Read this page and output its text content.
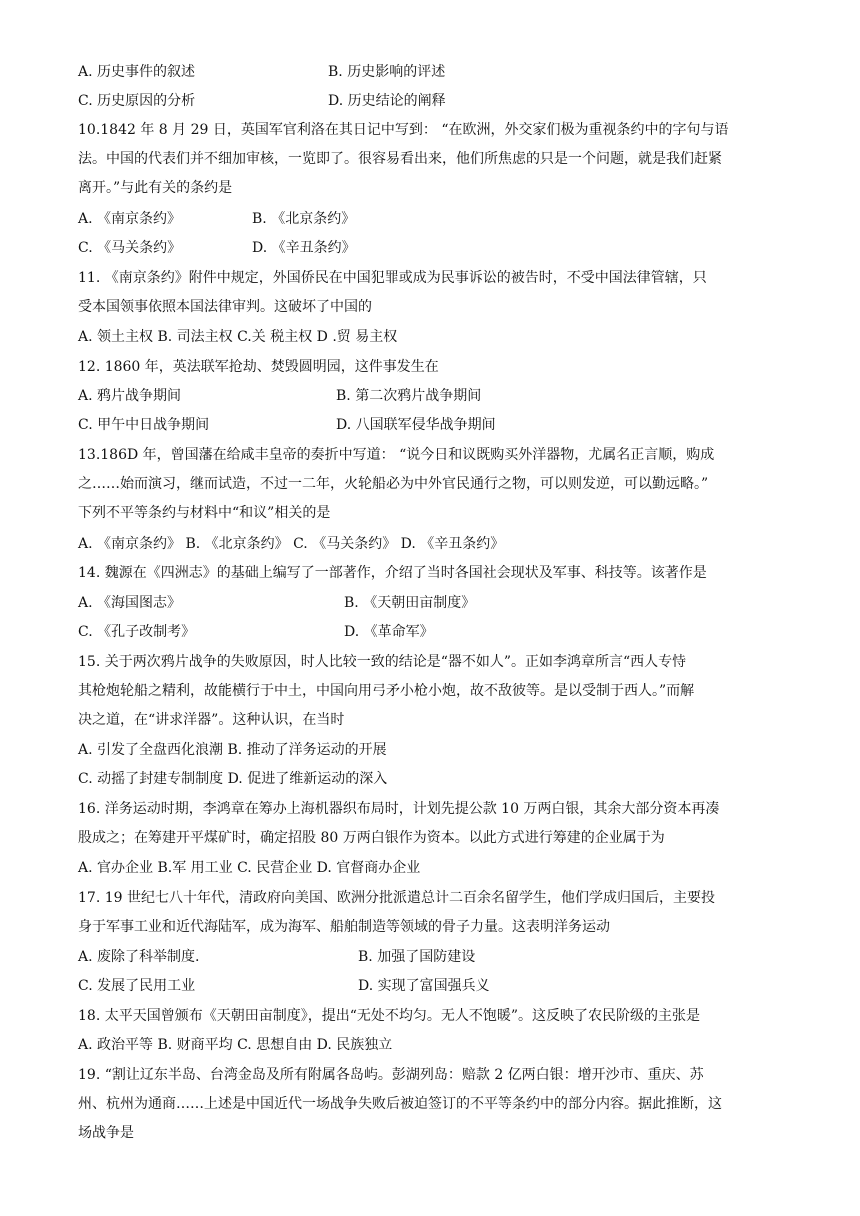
A. 历史事件的叙述	B. 历史影响的评述
C. 历史原因的分析	D. 历史结论的阐释
10.1842 年 8 月 29 日，英国军官利洛在其日记中写到： “在欧洲，外交家们极为重视条约中的字句与语
法。中国的代表们并不细加审核，一览即了。很容易看出来，他们所焦虑的只是一个问题，就是我们赶紧
离开。”与此有关的条约是
A. 《南京条约》	B. 《北京条约》
C. 《马关条约》	D. 《辛丑条约》
11. 《南京条约》附件中规定，外国侨民在中国犯罪或成为民事诉讼的被告时，不受中国法律管辖，只
受本国领事依照本国法律审判。这破坏了中国的
A. 领土主权 B. 司法主权 C.关 税主权 D .贸 易主权
12. 1860 年，英法联军抢劫、焚毁圆明园，这件事发生在
A. 鸦片战争期间	B. 第二次鸦片战争期间
C. 甲午中日战争期间	D. 八国联军侵华战争期间
13.186D 年，曾国藩在给咸丰皇帝的奏折中写道： “说今日和议既购买外洋器物，尤属名正言顺，购成
之……始而演习，继而试造，不过一二年，火轮船必为中外官民通行之物，可以则发逆，可以勤远略。”
下列不平等条约与材料中“和议”相关的是
A. 《南京条约》 B. 《北京条约》 C. 《马关条约》 D. 《辛丑条约》
14. 魏源在《四洲志》的基础上编写了一部著作，介绍了当时各国社会现状及军事、科技等。该著作是
A. 《海国图志》	B. 《天朝田亩制度》
C. 《孔子改制考》	D. 《革命军》
15. 关于两次鸦片战争的失败原因，时人比较一致的结论是“器不如人”。正如李鸿章所言“西人专恃
其枪炮轮船之精利，故能横行于中土，中国向用弓矛小枪小炮，故不敌彼等。是以受制于西人。”而解
决之道，在“讲求洋器”。这种认识，在当时
A. 引发了全盘西化浪潮 B. 推动了洋务运动的开展
C. 动摇了封建专制制度 D. 促进了维新运动的深入
16. 洋务运动时期，李鸿章在筹办上海机器织布局时，计划先提公款 10 万两白银，其余大部分资本再凑
股成之；在筹建开平煤矿时，确定招股 80 万两白银作为资本。以此方式进行筹建的企业属于为
A. 官办企业 B.军 用工业 C. 民营企业 D. 官督商办企业
17. 19 世纪七八十年代，清政府向美国、欧洲分批派遣总计二百余名留学生，他们学成归国后，主要投
身于军事工业和近代海陆军，成为海军、船舶制造等领域的骨子力量。这表明洋务运动
A. 废除了科举制度.	B. 加强了国防建设
C. 发展了民用工业	D. 实现了富国强兵义
18. 太平天国曾颁布《天朝田亩制度》，提出“无处不均匀。无人不饱暖”。这反映了农民阶级的主张是
A. 政治平等 B. 财商平均 C. 思想自由 D. 民族独立
19. “割让辽东半岛、台湾金岛及所有附属各岛屿。彭湖列岛：赔款 2 亿两白银：增开沙市、重庆、苏
州、杭州为通商……上述是中国近代一场战争失败后被迫签订的不平等条约中的部分内容。据此推断，这
场战争是
